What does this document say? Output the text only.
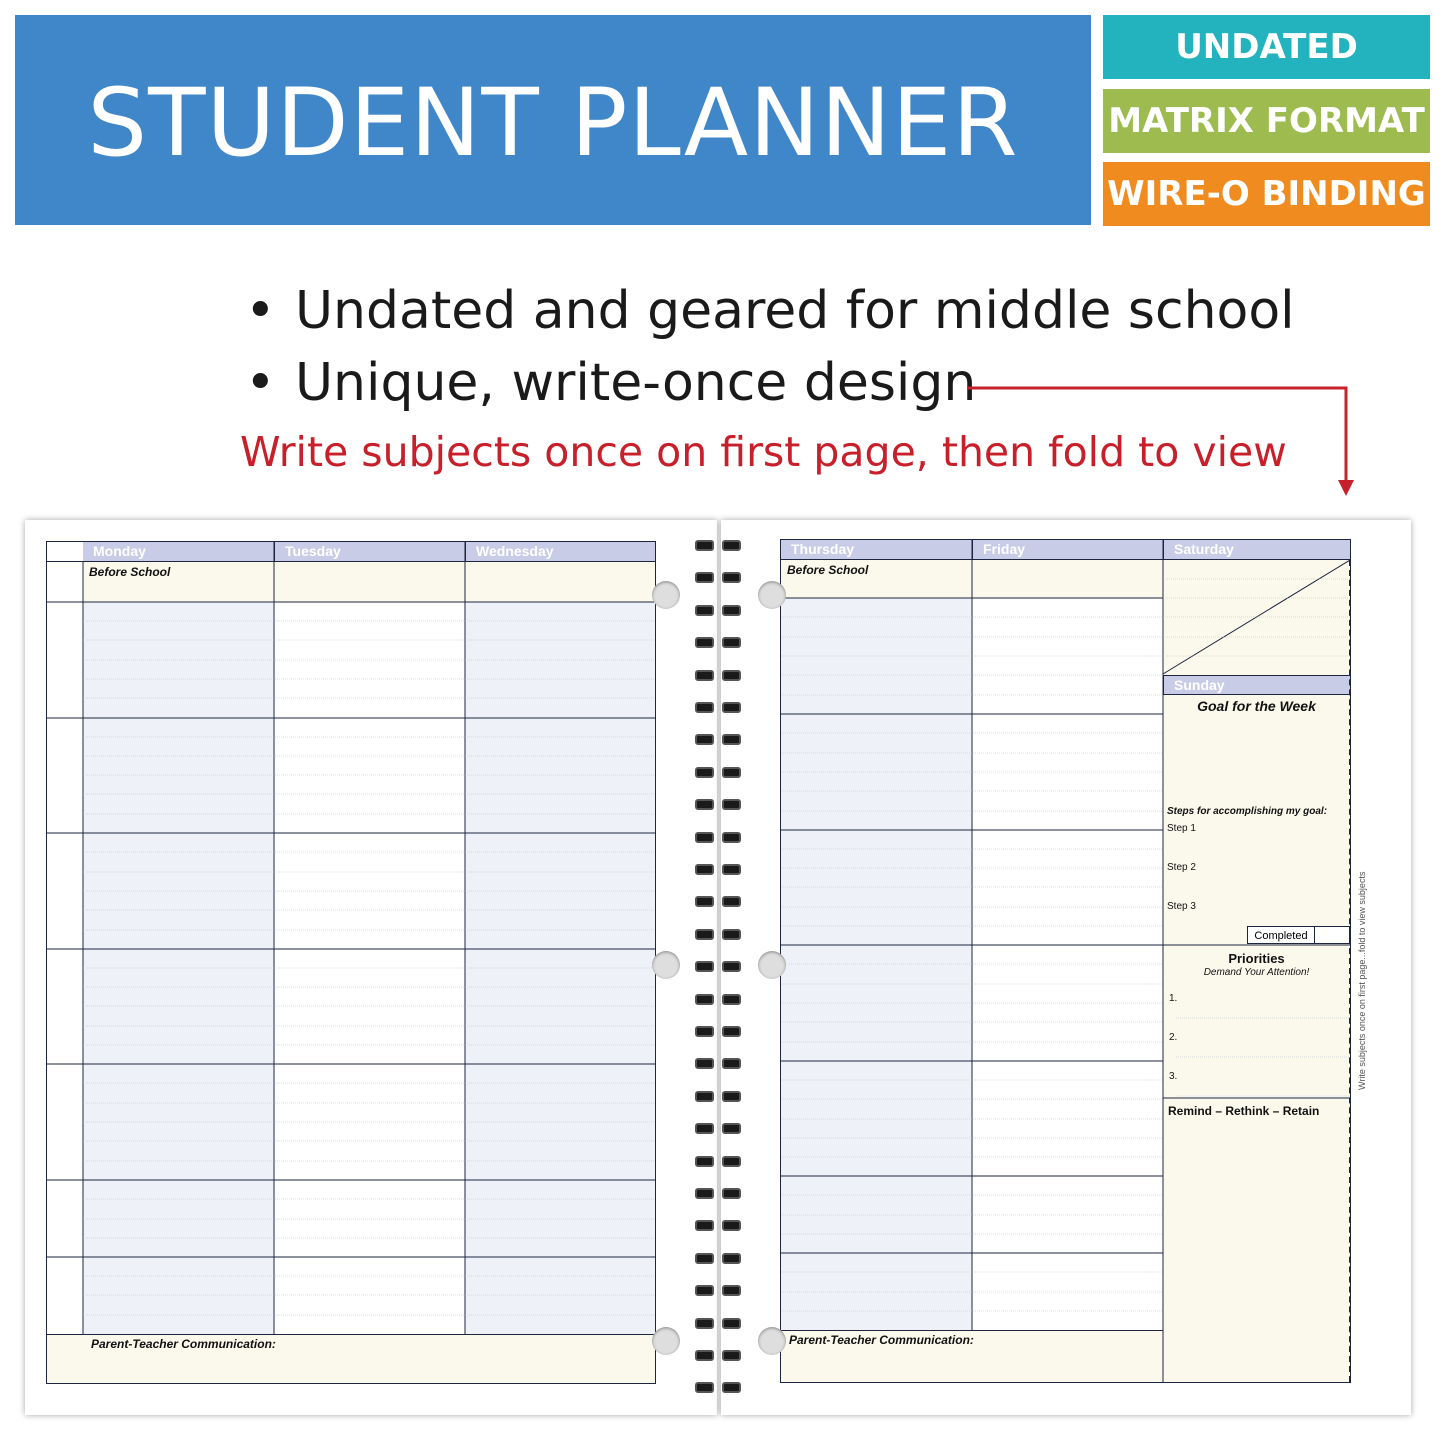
STUDENT PLANNER
UNDATED
MATRIX FORMAT
WIRE-O BINDING
• Undated and geared for middle school
• Unique, write-once design
Write subjects once on first page, then fold to view
Parent-Teacher Communication:
Monday	Tuesday	Wednesday
Before School
Parent-Teacher Communication:
Thursday	Friday	Saturday
Sunday
Before School
Goal for the Week
Steps for accomplishing my goal:
Step 1
Step 2
Step 3
Completed
Priorities
Demand Your Attention!
1.
2.
3.
Remind – Rethink – Retain
Write subjects once on first page...fold to view subjects
